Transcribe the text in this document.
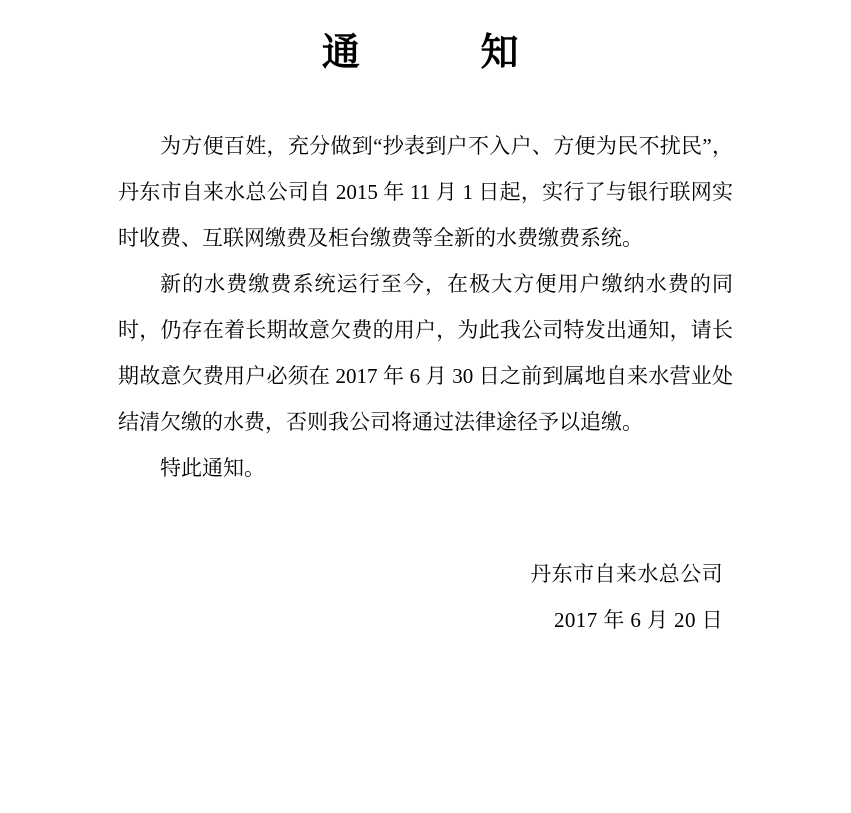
通	知

为方便百姓，充分做到“抄表到户不入户、方便为民不扰民”，丹东市自来水总公司自 2015 年 11 月 1 日起，实行了与银行联网实时收费、互联网缴费及柜台缴费等全新的水费缴费系统。

新的水费缴费系统运行至今，在极大方便用户缴纳水费的同时，仍存在着长期故意欠费的用户，为此我公司特发出通知，请长期故意欠费用户必须在 2017 年 6 月 30 日之前到属地自来水营业处结清欠缴的水费，否则我公司将通过法律途径予以追缴。

特此通知。

丹东市自来水总公司
2017 年 6 月 20 日
